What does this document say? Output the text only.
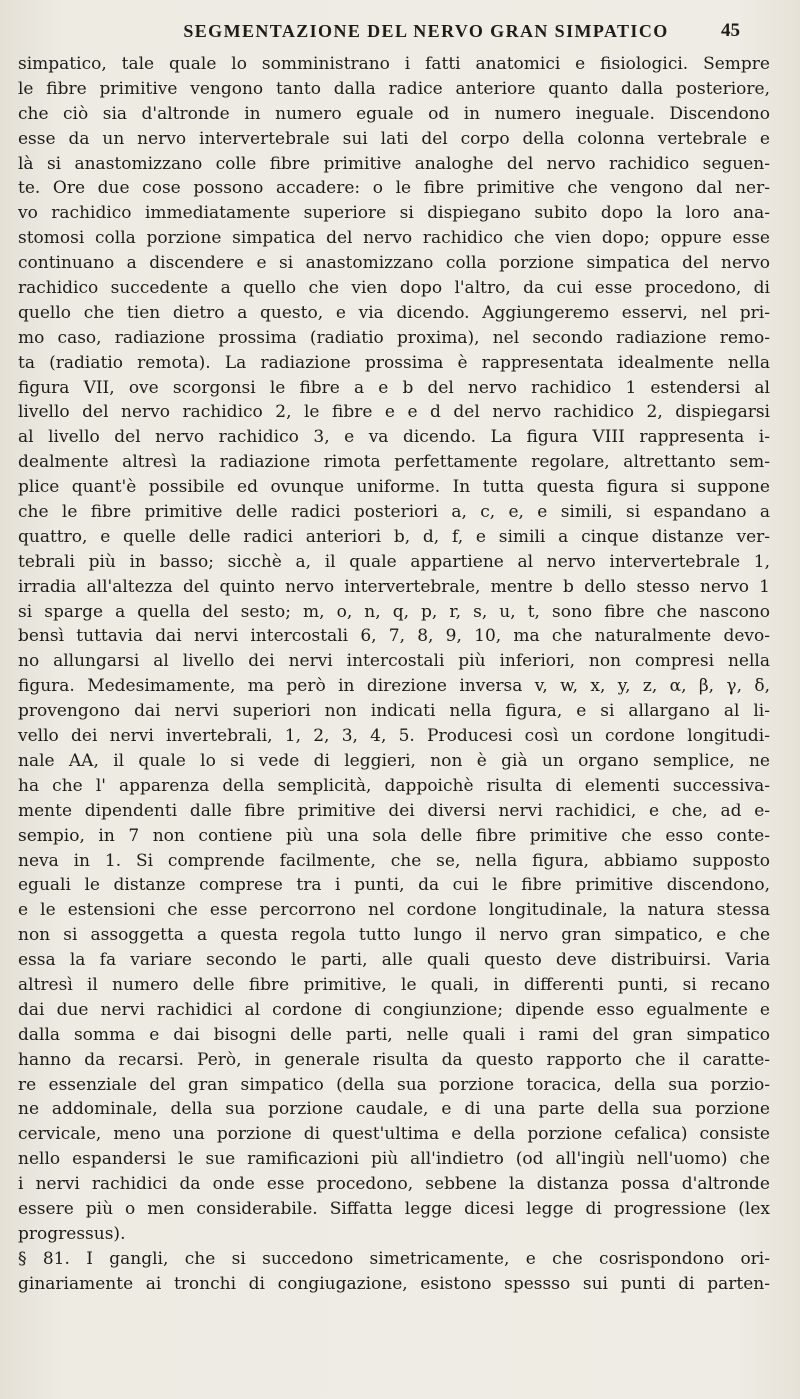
SEGMENTAZIONE DEL NERVO GRAN SIMPATICO	45
simpatico, tale quale lo somministrano i fatti anatomici e fisiologici. Sempre
le fibre primitive vengono tanto dalla radice anteriore quanto dalla posteriore,
che ciò sia d'altronde in numero eguale od in numero ineguale. Discendono
esse da un nervo intervertebrale sui lati del corpo della colonna vertebrale e
là si anastomizzano colle fibre primitive analoghe del nervo rachidico seguen-
te. Ore due cose possono accadere: o le fibre primitive che vengono dal ner-
vo rachidico immediatamente superiore si dispiegano subito dopo la loro ana-
stomosi colla porzione simpatica del nervo rachidico che vien dopo; oppure esse
continuano a discendere e si anastomizzano colla porzione simpatica del nervo
rachidico succedente a quello che vien dopo l'altro, da cui esse procedono, di
quello che tien dietro a questo, e via dicendo. Aggiungeremo esservi, nel pri-
mo caso, radiazione prossima (radiatio proxima), nel secondo radiazione remo-
ta (radiatio remota). La radiazione prossima è rappresentata idealmente nella
figura VII, ove scorgonsi le fibre a e b del nervo rachidico 1 estendersi al
livello del nervo rachidico 2, le fibre e e d del nervo rachidico 2, dispiegarsi
al livello del nervo rachidico 3, e va dicendo. La figura VIII rappresenta i-
dealmente altresì la radiazione rimota perfettamente regolare, altrettanto sem-
plice quant'è possibile ed ovunque uniforme. In tutta questa figura si suppone
che le fibre primitive delle radici posteriori a, c, e, e simili, si espandano a
quattro, e quelle delle radici anteriori b, d, f, e simili a cinque distanze ver-
tebrali più in basso; sicchè a, il quale appartiene al nervo intervertebrale 1,
irradia all'altezza del quinto nervo intervertebrale, mentre b dello stesso nervo 1
si sparge a quella del sesto; m, o, n, q, p, r, s, u, t, sono fibre che nascono
bensì tuttavia dai nervi intercostali 6, 7, 8, 9, 10, ma che naturalmente devo-
no allungarsi al livello dei nervi intercostali più inferiori, non compresi nella
figura. Medesimamente, ma però in direzione inversa v, w, x, y, z, α, β, γ, δ,
provengono dai nervi superiori non indicati nella figura, e si allargano al li-
vello dei nervi invertebrali, 1, 2, 3, 4, 5. Producesi così un cordone longitudi-
nale AA, il quale lo si vede di leggieri, non è già un organo semplice, ne
ha che l' apparenza della semplicità, dappoichè risulta di elementi successiva-
mente dipendenti dalle fibre primitive dei diversi nervi rachidici, e che, ad e-
sempio, in 7 non contiene più una sola delle fibre primitive che esso conte-
neva in 1. Si comprende facilmente, che se, nella figura, abbiamo supposto
eguali le distanze comprese tra i punti, da cui le fibre primitive discendono,
e le estensioni che esse percorrono nel cordone longitudinale, la natura stessa
non si assoggetta a questa regola tutto lungo il nervo gran simpatico, e che
essa la fa variare secondo le parti, alle quali questo deve distribuirsi. Varia
altresì il numero delle fibre primitive, le quali, in differenti punti, si recano
dai due nervi rachidici al cordone di congiunzione; dipende esso egualmente e
dalla somma e dai bisogni delle parti, nelle quali i rami del gran simpatico
hanno da recarsi. Però, in generale risulta da questo rapporto che il caratte-
re essenziale del gran simpatico (della sua porzione toracica, della sua porzio-
ne addominale, della sua porzione caudale, e di una parte della sua porzione
cervicale, meno una porzione di quest'ultima e della porzione cefalica) consiste
nello espandersi le sue ramificazioni più all'indietro (od all'ingiù nell'uomo) che
i nervi rachidici da onde esse procedono, sebbene la distanza possa d'altronde
essere più o men considerabile. Siffatta legge dicesi legge di progressione (lex
progressus).
§ 81. I gangli, che si succedono simetricamente, e che cosrispondono ori-
ginariamente ai tronchi di congiugazione, esistono spessso sui punti di parten-
